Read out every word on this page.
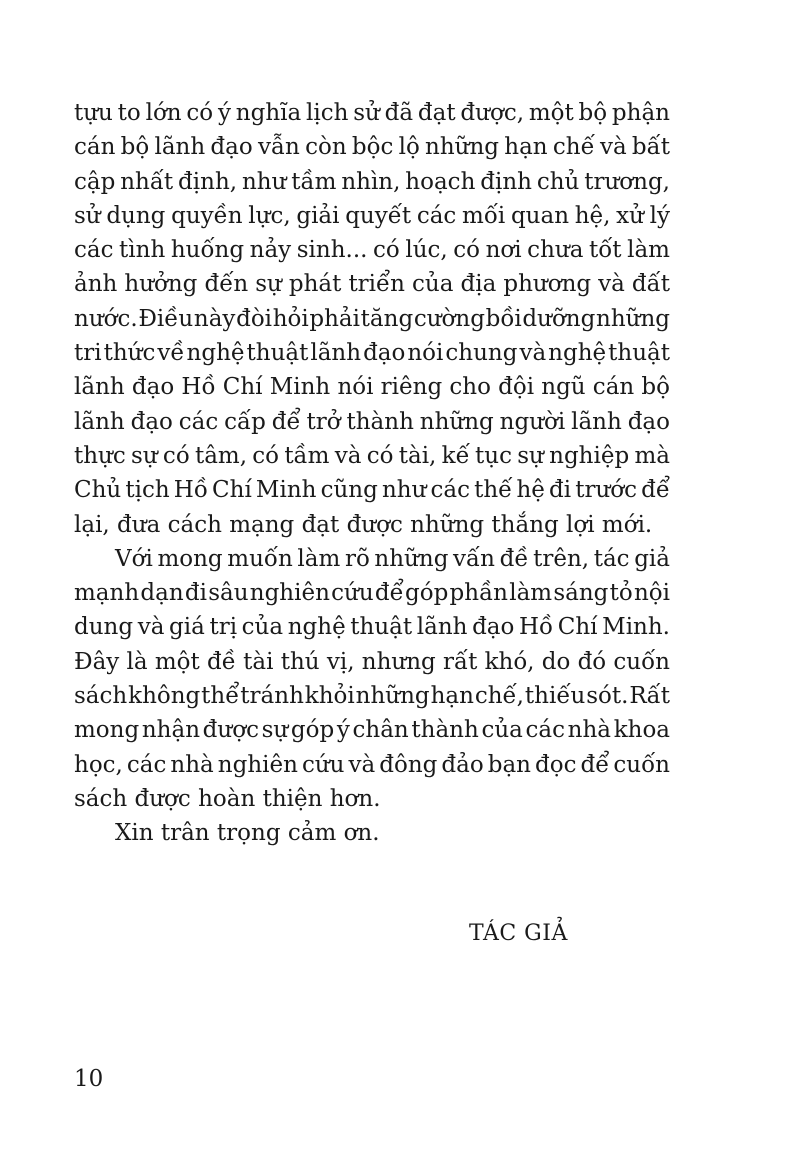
tựu to lớn có ý nghĩa lịch sử đã đạt được, một bộ phận
cán bộ lãnh đạo vẫn còn bộc lộ những hạn chế và bất
cập nhất định, như tầm nhìn, hoạch định chủ trương,
sử dụng quyền lực, giải quyết các mối quan hệ, xử lý
các tình huống nảy sinh... có lúc, có nơi chưa tốt làm
ảnh hưởng đến sự phát triển của địa phương và đất
nước. Điều này đòi hỏi phải tăng cường bồi dưỡng những
tri thức về nghệ thuật lãnh đạo nói chung và nghệ thuật
lãnh đạo Hồ Chí Minh nói riêng cho đội ngũ cán bộ
lãnh đạo các cấp để trở thành những người lãnh đạo
thực sự có tâm, có tầm và có tài, kế tục sự nghiệp mà
Chủ tịch Hồ Chí Minh cũng như các thế hệ đi trước để
lại, đưa cách mạng đạt được những thắng lợi mới.

Với mong muốn làm rõ những vấn đề trên, tác giả
mạnh dạn đi sâu nghiên cứu để góp phần làm sáng tỏ nội
dung và giá trị của nghệ thuật lãnh đạo Hồ Chí Minh.
Đây là một đề tài thú vị, nhưng rất khó, do đó cuốn
sách không thể tránh khỏi những hạn chế, thiếu sót. Rất
mong nhận được sự góp ý chân thành của các nhà khoa
học, các nhà nghiên cứu và đông đảo bạn đọc để cuốn
sách được hoàn thiện hơn.

Xin trân trọng cảm ơn.

TÁC GIẢ
10
